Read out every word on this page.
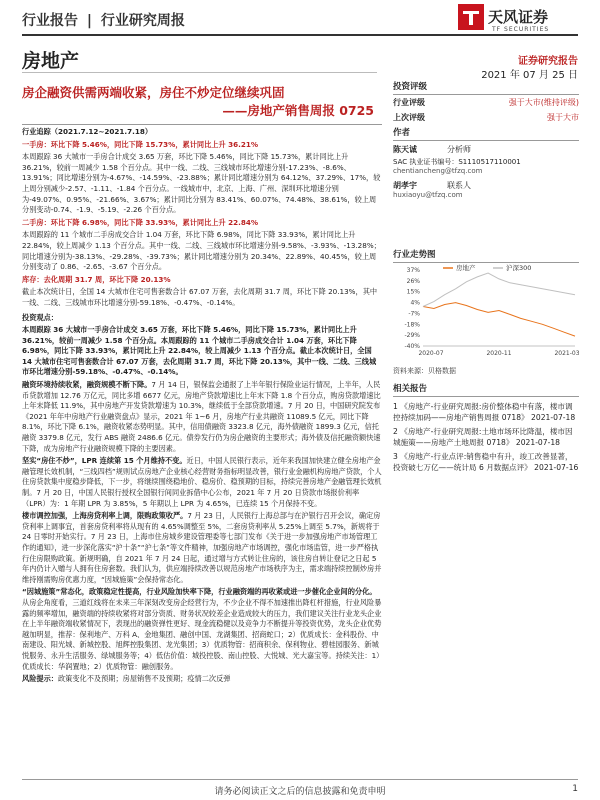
行业报告 | 行业研究周报	天风证券
TF SECURITIES
房地产	证券研究报告
2021 年 07 月 25 日
房企融资供需两端收紧，房住不炒定位继续巩固
——房地产销售周报 0725

行业追踪（2021.7.12~2021.7.18）

一手房：环比下降 5.46%，同比下降 15.73%，累计同比上升 36.21%

本周跟踪 36 大城市一手房合计成交 3.65 万套，环比下降 5.46%，同比下降 15.73%，累计同比上升 36.21%，较前一周减少 1.58 个百分点。其中一线、二线、三线城市环比增速分别-17.23%、-8.6%、13.91%；同比增速分别为-4.67%、-14.59%、-23.88%；累计同比增速分别为 64.12%、37.29%、17%，较上周分别减少-2.57、-1.11、-1.84 个百分点。一线城市中，北京、上海、广州、深圳环比增速分别为-49.07%、0.95%、-21.66%、3.67%；累计同比分别为 83.41%、60.07%、74.48%、38.61%，较上周分别变动-0.74、-1.9、-5.19、-2.26 个百分点。

二手房：环比下降 6.98%，同比下降 33.93%，累计同比上升 22.84%

本周跟踪的 11 个城市二手房成交合计 1.04 万套，环比下降 6.98%，同比下降 33.93%，累计同比上升 22.84%，较上周减少 1.13 个百分点。其中一线、二线、三线城市环比增速分别-9.58%、-3.93%、-13.28%；同比增速分别为-38.13%、-29.28%、-39.73%；累计同比增速分别为 20.34%、22.89%、40.45%，较上周分别变动了 0.86、-2.65、-3.67 个百分点。

库存：去化周期 31.7 周，环比下降 20.13%

截止本次统计日，全国 14 大城市住宅可售套数合计 67.07 万套，去化周期 31.7 周，环比下降 20.13%，其中一线、二线、三线城市环比增速分别-59.18%、-0.47%、-0.14%。

投资观点：

本周跟踪 36 大城市一手房合计成交 3.65 万套，环比下降 5.46%，同比下降 15.73%，累计同比上升 36.21%，较前一周减少 1.58 个百分点。本周跟踪的 11 个城市二手房成交合计 1.04 万套，环比下降 6.98%，同比下降 33.93%，累计同比上升 22.84%，较上周减少 1.13 个百分点。截止本次统计日，全国 14 大城市住宅可售套数合计 67.07 万套，去化周期 31.7 周，环比下降 20.13%，其中一线、二线、三线城市环比增速分别-59.18%、-0.47%、-0.14%。

融资环境持续收紧，融资规模不断下降。7 月 14 日，银保监会通报了上半年银行保险业运行情况，上半年，人民币贷款增加 12.76 万亿元，同比多增 6677 亿元，房地产贷款增速比上年末下降 1.8 个百分点，购房贷款增速比上年末降低 11.9%，其中房地产开发贷款增速为 10.3%，继续低于全部贷款增速。7 月 20 日，中国研究院发布《2021 年年中房地产行业融资盘点》显示，2021 年 1~6 月，房地产行业共融资 11089.5 亿元，同比下降 8.1%，环比下降 6.1%，融资收紧态势明显。其中，信用债融资 3323.8 亿元，海外债融资 1899.3 亿元，信托融资 3379.8 亿元，发行 ABS 融资 2486.6 亿元。债券发行仍为房企融资的主要形式；海外债及信托融资额快速下降，成为房地产行业融资规模下降的主要因素。

坚实“房住不炒”，LPR 连续第 15 个月维持不变。近日，中国人民银行表示，近年来我国加快建立健全房地产金融管理长效机制，“三线四档”规则试点房地产企业核心经营财务指标明显改善，银行业金融机构房地产贷款，个人住房贷款集中度稳步降低，下一步，将继续围绕稳地价、稳房价、稳预期的目标，持续完善房地产金融管理长效机制。7 月 20 日，中国人民银行授权全国银行间同业拆借中心公布，2021 年 7 月 20 日贷款市场报价利率（LPR）为：1 年期 LPR 为 3.85%，5 年期以上 LPR 为 4.65%，已连续 15 个月保持不变。

楼市调控加强，上海房贷利率上调，限购政策收严。7 月 23 日，人民银行上海总部与在沪银行召开会议，确定房贷利率上调事宜，首套房贷利率将从现有的 4.65%调整至 5%，二套房贷利率从 5.25%上调至 5.7%，新规将于 24 日零时开始实行。7 月 23 日，上海市住房城乡建设管理委等七部门发布《关于进一步加强房地产市场管理工作的通知》，进一步深化落实“沪十条”“沪七条”等文件精神，加强房地产市场调控，强化市场监管，进一步严格执行住房限购政策。新规明确，自 2021 年 7 月 24 日起，通过增与方式转让住房的，该住房自转让登记之日起 5 年内仍计入赠与人拥有住房套数。我们认为，供应端持续改善以规范房地产市场秩序为主，需求端持续控制炒房并维持刚需购房优惠力度，“因城施策”会保持常态化。

“因城施策”常态化，政策稳定性提高，行业风险加快率下降，行业融资端的再收紧或进一步催化企业间的分化。从房企角度看，三道红线将在未来三年深刻改变房企经营行为，不少企业不得不加速推出降杠杆措施，行业风险暴露的频率增加，融资端的持续收紧将对部分资质、财务状况较差企业造成较大的压力，我们建议关注行业龙头企业在上半年融资端收紧情况下，表现出的融资弹性更好、现金流稳健以及竞争力不断提升等投资优势，龙头企业优势越加明显，推荐：保利地产、万科 A、金地集团、融创中国、龙湖集团、招商蛇口；2）优质成长：金科股份、中南建设、阳光城、新城控股、旭辉控股集团、龙光集团；3）优质物管：招商积余、保利物业、碧桂园服务、新城悦服务、永升生活服务、绿城服务等；4）低估价值：城投控股、南山控股、大悦城、光大嘉宝等。持续关注：1）优质成长：华润置地；2）优质物管：融创服务。

风险提示：政策变化不及预期；房屋销售不及预期；疫情二次反弹

投资评级
行业评级	强于大市(维持评级)
上次评级	强于大市
作者
陈天诚	分析师
SAC 执业证书编号：S1110517110001
chentiancheng@tfzq.com
胡孝宇	联系人
huxiaoyu@tfzq.com
行业走势图
37%
26%
15%
4%
-7%
-18%
-29%
-40%
2020-07	2020-11	2021-03
房地产	沪深300
资料来源：贝格数据
相关报告
1 《房地产-行业研究周报:房价整体稳中有落，楼市调控持续加码——房地产销售周报 0718》 2021-07-18
2 《房地产-行业研究周报:土地市场环比降温，楼市因城施策——房地产土地周报 0718》 2021-07-18
3 《房地产-行业点评:销售稳中有升，竣工改善显著，投资破七万亿——统计局 6 月数据点评》 2021-07-16
请务必阅读正文之后的信息披露和免责申明	1
